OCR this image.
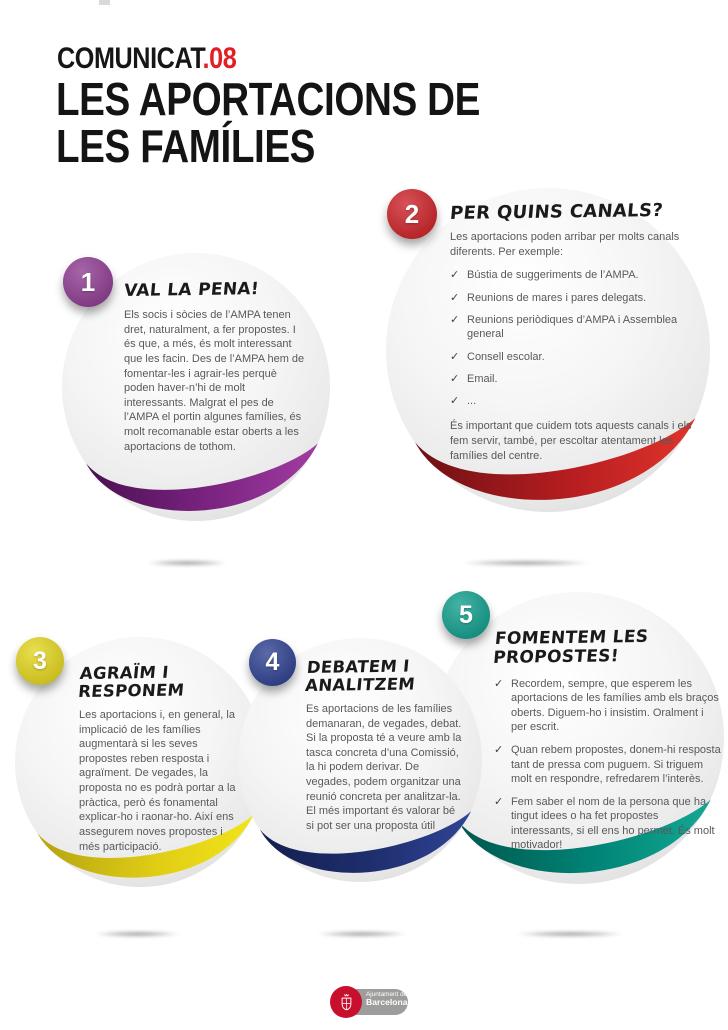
COMUNICAT.08
LES APORTACIONS DE
LES FAMÍLIES
1	VAL LA PENA!

Els socis i sòcies de l’AMPA tenen dret, naturalment, a fer propostes. I és que, a més, és molt interessant que les facin. Des de l’AMPA hem de fomentar-les i agrair-les perquè poden haver-n’hi de molt interessants. Malgrat el pes de l’AMPA el portin algunes famílies, és molt recomanable estar oberts a les aportacions de tothom.

2	PER QUINS CANALS?

Les aportacions poden arribar per molts canals diferents. Per exemple:

✓ Bústia de suggeriments de l’AMPA.
✓ Reunions de mares i pares delegats.
✓ Reunions periòdiques d’AMPA i Assemblea general
✓ Consell escolar.
✓ Email.
✓ ...

És important que cuidem tots aquests canals i els fem servir, també, per escoltar atentament les famílies del centre.

5
FOMENTEM LES PROPOSTES!
✓ Recordem, sempre, que esperem les aportacions de les famílies amb els braços oberts. Diguem-ho i insistim. Oralment i per escrit.
✓ Quan rebem propostes, donem-hi resposta tant de pressa com puguem. Si triguem molt en respondre, refredarem l’interès.
✓ Fem saber el nom de la persona que ha tingut idees o ha fet propostes interessants, si ell ens ho permet. És molt motivador!
3	AGRAÏM I RESPONEM

Les aportacions i, en general, la implicació de les famílies augmentarà si les seves propostes reben resposta i agraïment. De vegades, la proposta no es podrà portar a la pràctica, però és fonamental explicar-ho i raonar-ho. Així ens assegurem noves propostes i més participació.

4	DEBATEM I ANALITZEM

Es aportacions de les famílies demanaran, de vegades, debat. Si la proposta té a veure amb la tasca concreta d’una Comissió, la hi podem derivar. De vegades, podem organitzar una reunió concreta per analitzar-la. El més important és valorar bé si pot ser una proposta útil

Ajuntament de
Barcelona
